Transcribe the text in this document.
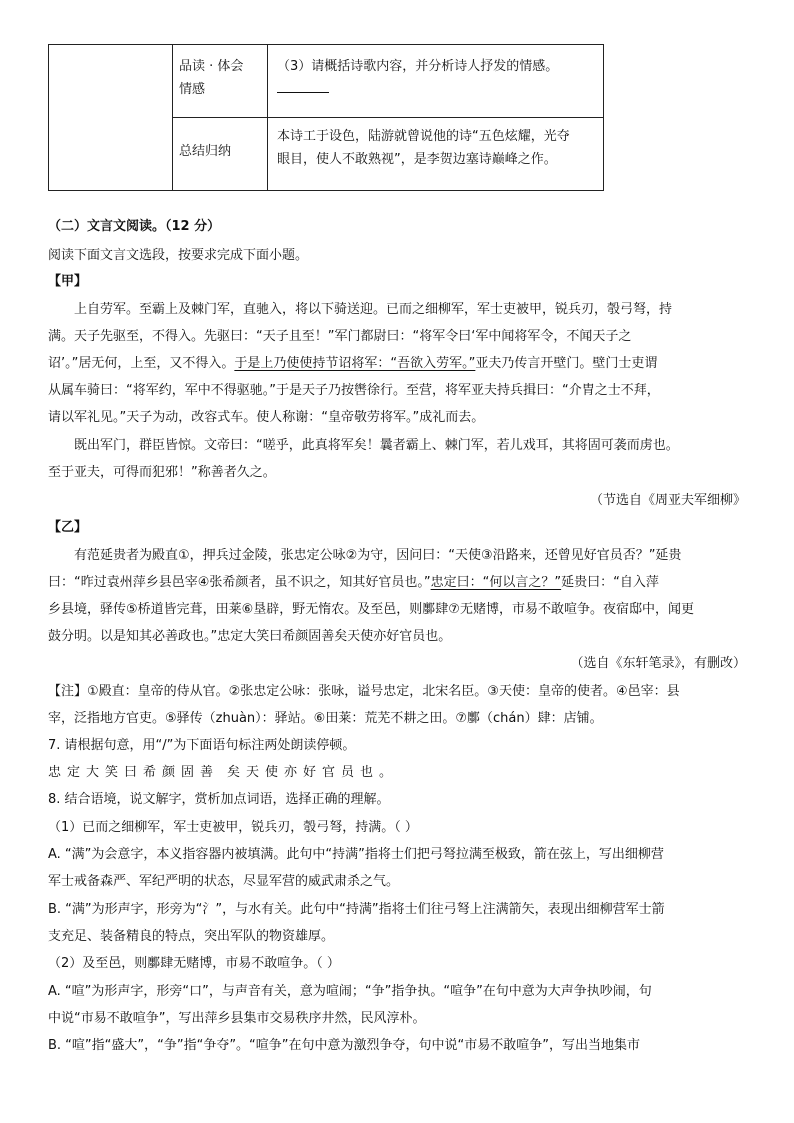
品读 · 体会
情感
（3）请概括诗歌内容，并分析诗人抒发的情感。
总结归纳
本诗工于设色，陆游就曾说他的诗“五色炫耀，光夺
眼目，使人不敢熟视”，是李贺边塞诗巅峰之作。
（二）文言文阅读。（12 分）
阅读下面文言文选段，按要求完成下面小题。
【甲】
上自劳军。至霸上及棘门军，直驰入，将以下骑送迎。已而之细柳军，军士吏被甲，锐兵刃，彀弓弩，持
满。天子先驱至，不得入。先驱曰：“天子且至！”军门都尉曰：“将军令曰‘军中闻将军令，不闻天子之
诏’。”居无何，上至，又不得入。于是上乃使使持节诏将军：“吾欲入劳军。”亚夫乃传言开壁门。壁门士吏谓
从属车骑曰：“将军约，军中不得驱驰。”于是天子乃按辔徐行。至营，将军亚夫持兵揖曰：“介胄之士不拜，
请以军礼见。”天子为动，改容式车。使人称谢：“皇帝敬劳将军。”成礼而去。
既出军门，群臣皆惊。文帝曰：“嗟乎，此真将军矣！曩者霸上、棘门军，若儿戏耳，其将固可袭而虏也。
至于亚夫，可得而犯邪！”称善者久之。
（节选自《周亚夫军细柳》
【乙】
有范延贵者为殿直①，押兵过金陵，张忠定公咏②为守，因问曰：“天使③沿路来，还曾见好官员否？”延贵
曰：“昨过袁州萍乡县邑宰④张希颜者，虽不识之，知其好官员也。”忠定曰：“何以言之？”延贵曰：“自入萍
乡县境，驿传⑤桥道皆完葺，田莱⑥垦辟，野无惰农。及至邑，则鄽肆⑦无赌博，市易不敢喧争。夜宿邸中，闻更
鼓分明。以是知其必善政也。”忠定大笑曰希颜固善矣天使亦好官员也。
（选自《东轩笔录》，有删改）
【注】①殿直：皇帝的侍从官。②张忠定公咏：张咏，谥号忠定，北宋名臣。③天使：皇帝的使者。④邑宰：县
宰，泛指地方官吏。⑤驿传（zhuàn）：驿站。⑥田莱：荒芜不耕之田。⑦鄽（chán）肆：店铺。
7. 请根据句意，用“/”为下面语句标注两处朗读停顿。
忠定大笑曰希颜固善 矣天使亦好官员也。
8. 结合语境，说文解字，赏析加点词语，选择正确的理解。
（1）已而之细柳军，军士吏被甲，锐兵刃，彀弓弩，持满。（ ）
A. “满”为会意字，本义指容器内被填满。此句中“持满”指将士们把弓弩拉满至极致，箭在弦上，写出细柳营
军士戒备森严、军纪严明的状态，尽显军营的威武肃杀之气。
B. “满”为形声字，形旁为“氵”，与水有关。此句中“持满”指将士们往弓弩上注满箭矢，表现出细柳营军士箭
支充足、装备精良的特点，突出军队的物资雄厚。
（2）及至邑，则鄽肆无赌博，市易不敢喧争。（ ）
A. “喧”为形声字，形旁“口”，与声音有关，意为喧闹；“争”指争执。“喧争”在句中意为大声争执吵闹，句
中说“市易不敢喧争”，写出萍乡县集市交易秩序井然，民风淳朴。
B. “喧”指“盛大”，“争”指“争夺”。“喧争”在句中意为激烈争夺，句中说“市易不敢喧争”，写出当地集市
